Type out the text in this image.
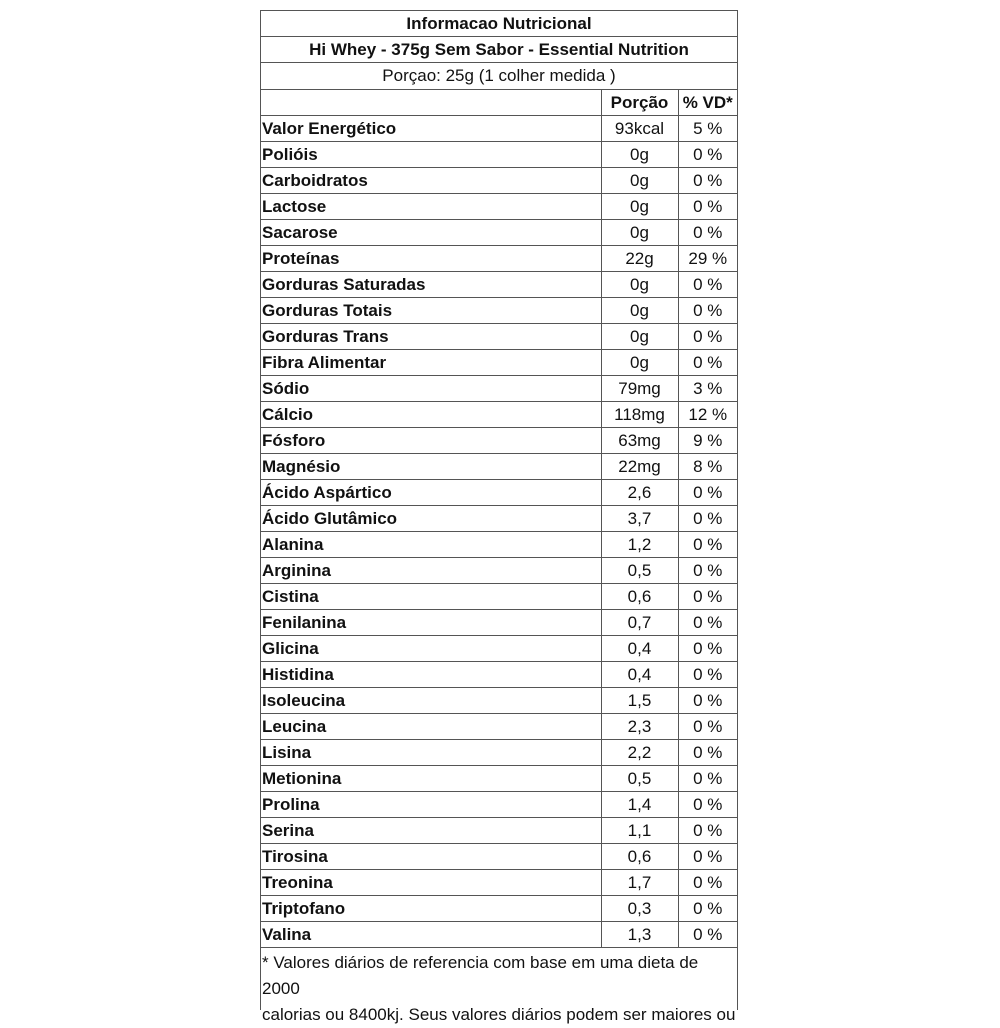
Informacao Nutricional
Hi Whey - 375g Sem Sabor - Essential Nutrition
Porçao: 25g (1 colher medida )
	Porção	% VD*
Valor Energético	93kcal	5 %
Polióis	0g	0 %
Carboidratos	0g	0 %
Lactose	0g	0 %
Sacarose	0g	0 %
Proteínas	22g	29 %
Gorduras Saturadas	0g	0 %
Gorduras Totais	0g	0 %
Gorduras Trans	0g	0 %
Fibra Alimentar	0g	0 %
Sódio	79mg	3 %
Cálcio	118mg	12 %
Fósforo	63mg	9 %
Magnésio	22mg	8 %
Ácido Aspártico	2,6	0 %
Ácido Glutâmico	3,7	0 %
Alanina	1,2	0 %
Arginina	0,5	0 %
Cistina	0,6	0 %
Fenilanina	0,7	0 %
Glicina	0,4	0 %
Histidina	0,4	0 %
Isoleucina	1,5	0 %
Leucina	2,3	0 %
Lisina	2,2	0 %
Metionina	0,5	0 %
Prolina	1,4	0 %
Serina	1,1	0 %
Tirosina	0,6	0 %
Treonina	1,7	0 %
Triptofano	0,3	0 %
Valina	1,3	0 %
* Valores diários de referencia com base em uma dieta de 2000
calorias ou 8400kj. Seus valores diários podem ser maiores ou
